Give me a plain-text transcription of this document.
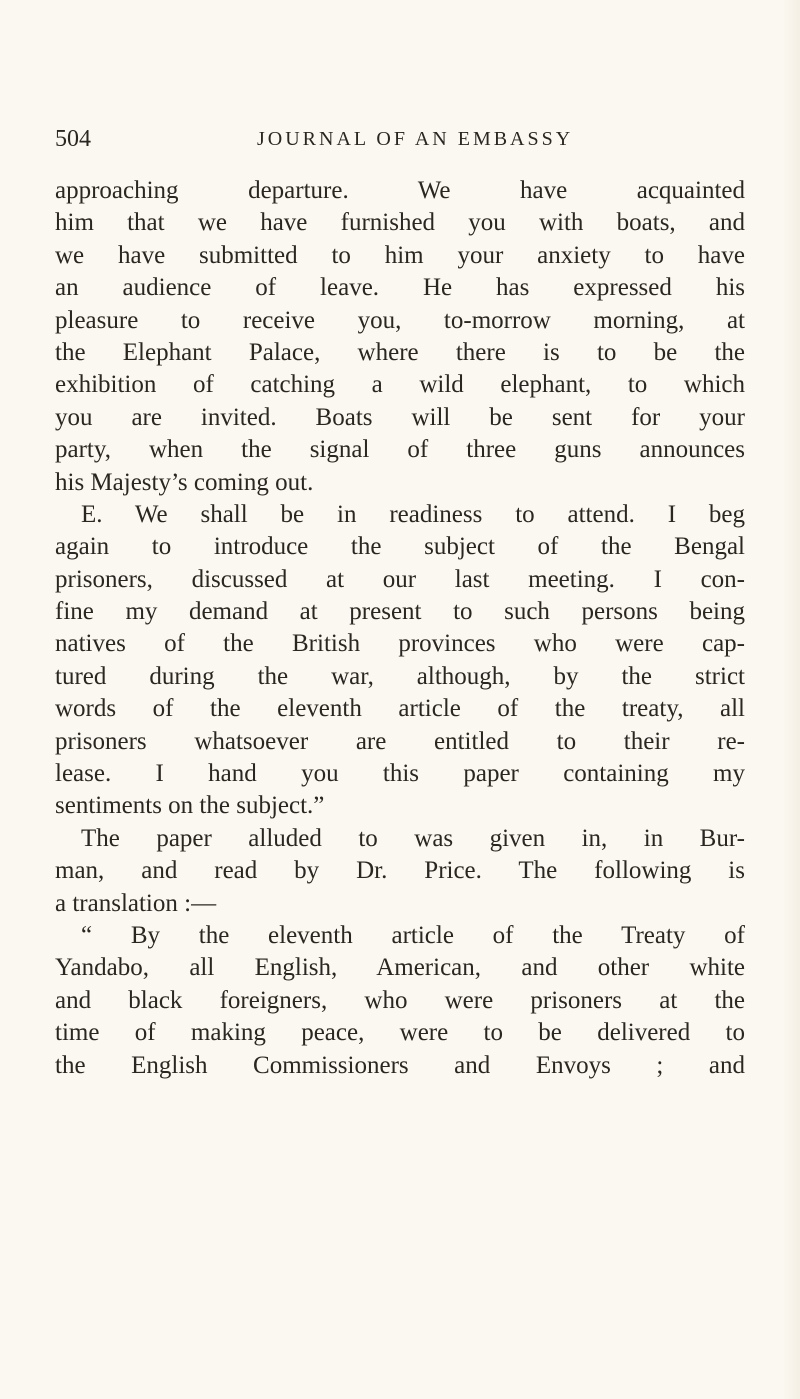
504	JOURNAL OF AN EMBASSY
approaching departure. We have acquainted
him that we have furnished you with boats, and
we have submitted to him your anxiety to have
an audience of leave. He has expressed his
pleasure to receive you, to-morrow morning, at
the Elephant Palace, where there is to be the
exhibition of catching a wild elephant, to which
you are invited. Boats will be sent for your
party, when the signal of three guns announces
his Majesty’s coming out.
E. We shall be in readiness to attend. I beg
again to introduce the subject of the Bengal
prisoners, discussed at our last meeting. I con-
fine my demand at present to such persons being
natives of the British provinces who were cap-
tured during the war, although, by the strict
words of the eleventh article of the treaty, all
prisoners whatsoever are entitled to their re-
lease. I hand you this paper containing my
sentiments on the subject.”
The paper alluded to was given in, in Bur-
man, and read by Dr. Price. The following is
a translation :—
“ By the eleventh article of the Treaty of
Yandabo, all English, American, and other white
and black foreigners, who were prisoners at the
time of making peace, were to be delivered to
the English Commissioners and Envoys ; and
